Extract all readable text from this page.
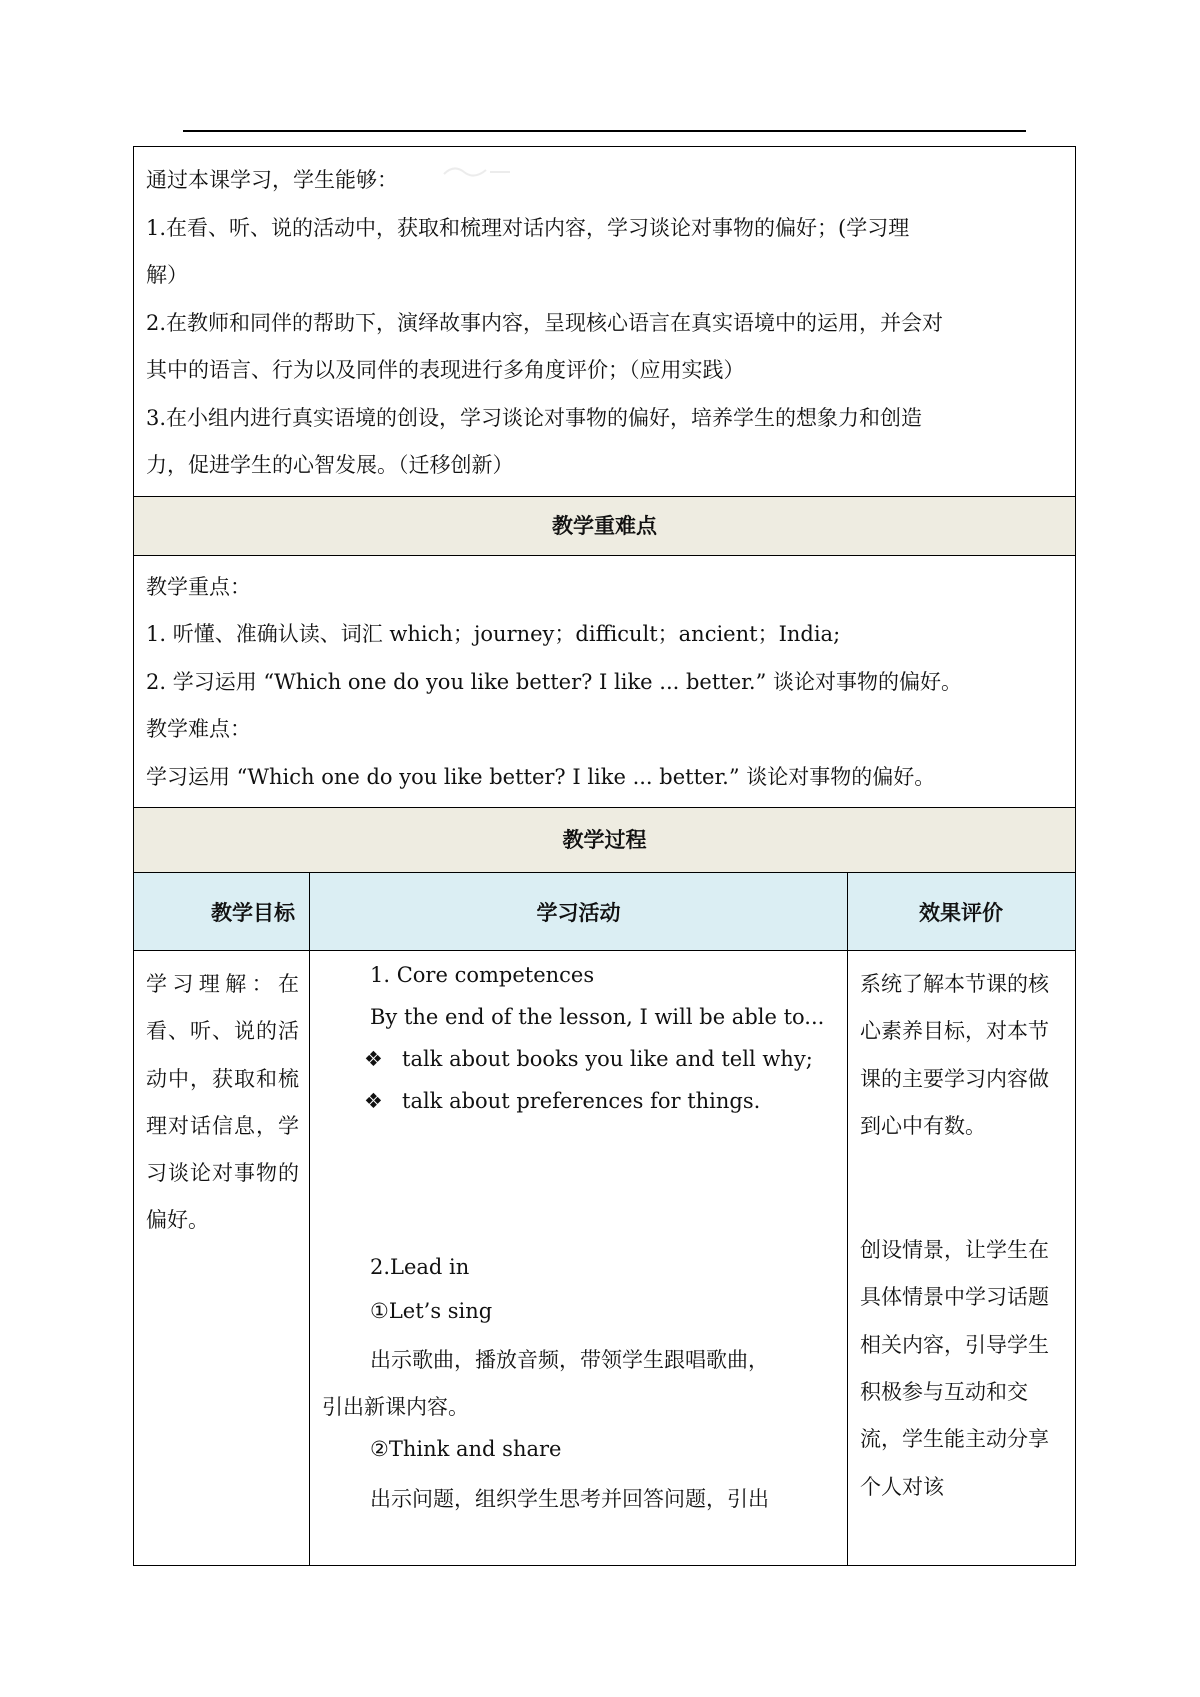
通过本课学习，学生能够：

1.在看、听、说的活动中，获取和梳理对话内容，学习谈论对事物的偏好；(学习理

解）

2.在教师和同伴的帮助下，演绎故事内容，呈现核心语言在真实语境中的运用，并会对

其中的语言、行为以及同伴的表现进行多角度评价；（应用实践）

3.在小组内进行真实语境的创设，学习谈论对事物的偏好，培养学生的想象力和创造

力，促进学生的心智发展。（迁移创新）

教学重难点

教学重点：

1. 听懂、准确认读、词汇 which；journey；difficult；ancient；India;

2. 学习运用 “Which one do you like better? I like ... better.” 谈论对事物的偏好。

教学难点：

学习运用 “Which one do you like better? I like ... better.” 谈论对事物的偏好。

教学过程
教学目标	学习活动	效果评价
学习理解：在看、听、说的活动中，获取和梳理对话信息，学习谈论对事物的偏好。

1. Core competences

By the end of the lesson, I will be able to...

❖ talk about books you like and tell why;

❖ talk about preferences for things.

2.Lead in

①Let’s sing

出示歌曲，播放音频，带领学生跟唱歌曲，

引出新课内容。

②Think and share

出示问题，组织学生思考并回答问题，引出

系统了解本节课的核心素养目标，对本节课的主要学习内容做到心中有数。
创设情景，让学生在具体情景中学习话题相关内容，引导学生积极参与互动和交流，学生能主动分享个人对该
